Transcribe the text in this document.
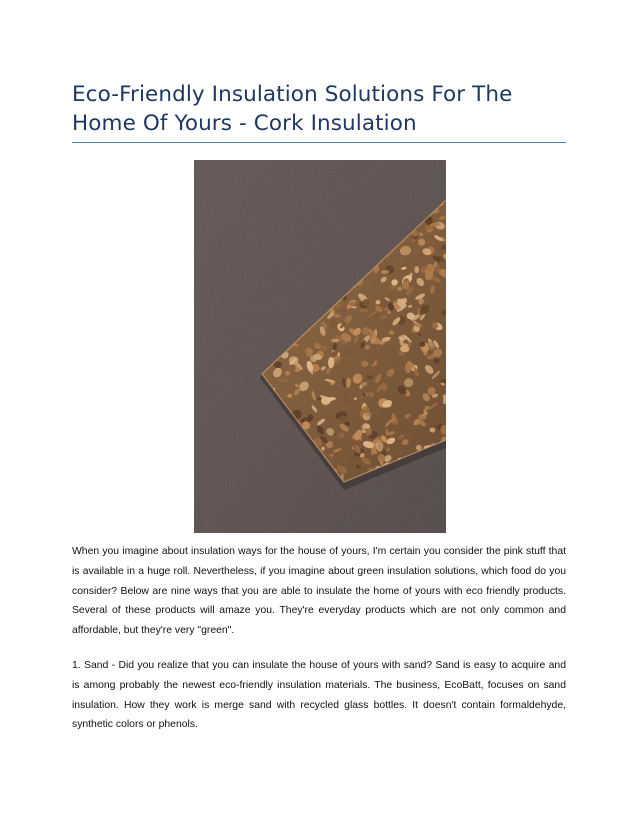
Eco-Friendly Insulation Solutions For The Home Of Yours - Cork Insulation

When you imagine about insulation ways for the house of yours, I'm certain you consider the pink stuff that is available in a huge roll. Nevertheless, if you imagine about green insulation solutions, which food do you consider? Below are nine ways that you are able to insulate the home of yours with eco friendly products. Several of these products will amaze you. They're everyday products which are not only common and affordable, but they're very "green".

1. Sand - Did you realize that you can insulate the house of yours with sand? Sand is easy to acquire and is among probably the newest eco-friendly insulation materials. The business, EcoBatt, focuses on sand insulation. How they work is merge sand with recycled glass bottles. It doesn't contain formaldehyde, synthetic colors or phenols.
